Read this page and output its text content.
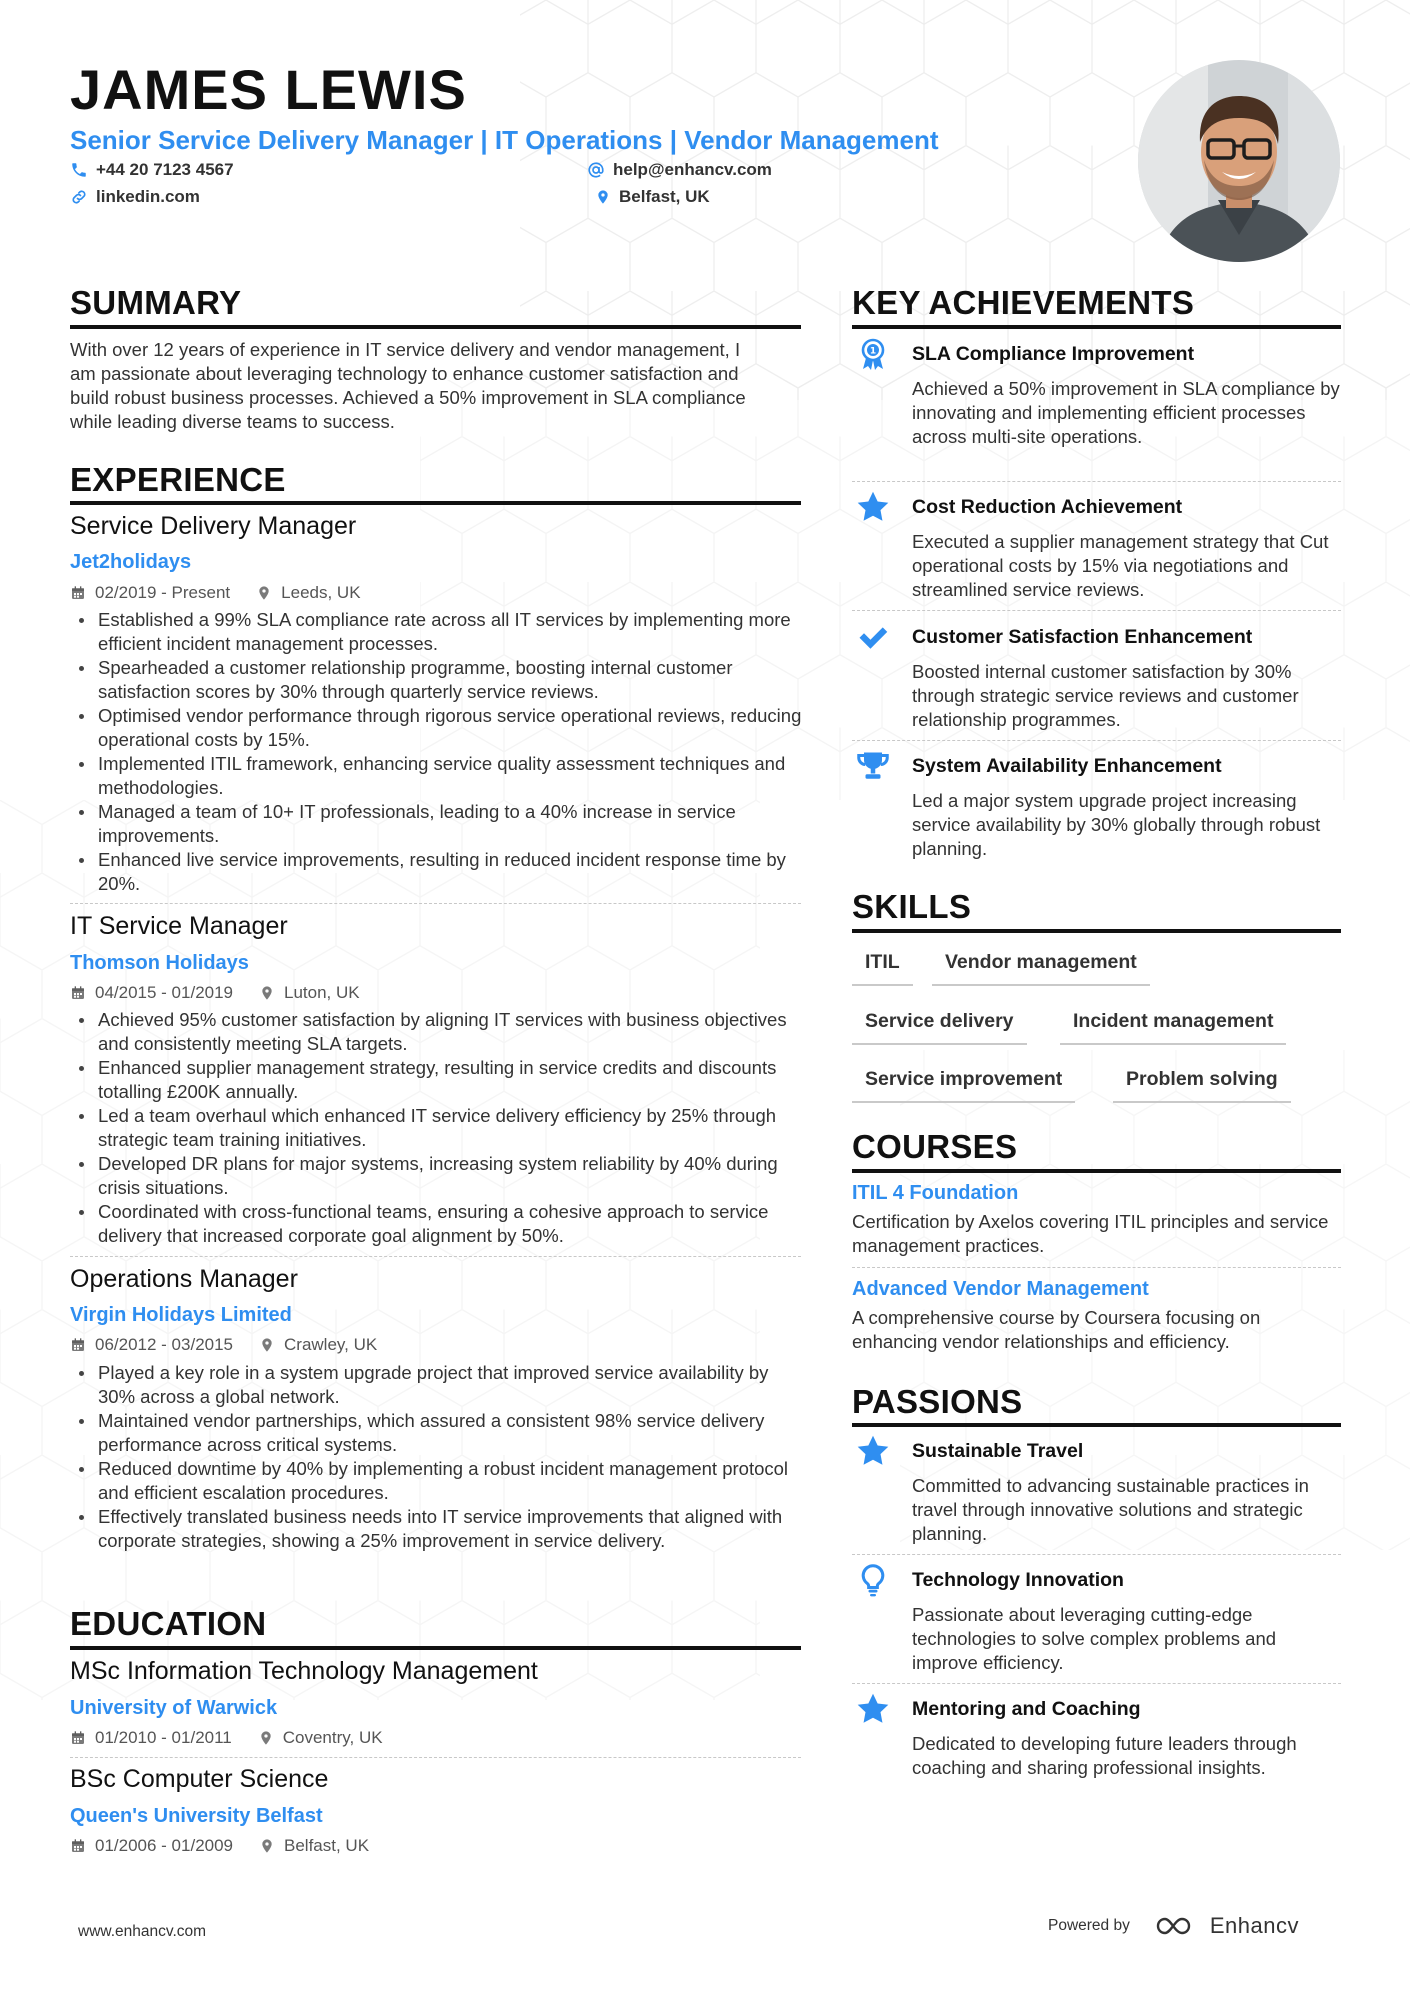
JAMES LEWIS
Senior Service Delivery Manager | IT Operations | Vendor Management
+44 20 7123 4567	help@enhancv.com
linkedin.com	Belfast, UK
SUMMARY
With over 12 years of experience in IT service delivery and vendor management, I am passionate about leveraging technology to enhance customer satisfaction and build robust business processes. Achieved a 50% improvement in SLA compliance while leading diverse teams to success.
EXPERIENCE
Service Delivery Manager
Jet2holidays
02/2019 - Present	Leeds, UK
Established a 99% SLA compliance rate across all IT services by implementing more efficient incident management processes.
Spearheaded a customer relationship programme, boosting internal customer satisfaction scores by 30% through quarterly service reviews.
Optimised vendor performance through rigorous service operational reviews, reducing operational costs by 15%.
Implemented ITIL framework, enhancing service quality assessment techniques and methodologies.
Managed a team of 10+ IT professionals, leading to a 40% increase in service improvements.
Enhanced live service improvements, resulting in reduced incident response time by 20%.
IT Service Manager
Thomson Holidays
04/2015 - 01/2019	Luton, UK
Achieved 95% customer satisfaction by aligning IT services with business objectives and consistently meeting SLA targets.
Enhanced supplier management strategy, resulting in service credits and discounts totalling £200K annually.
Led a team overhaul which enhanced IT service delivery efficiency by 25% through strategic team training initiatives.
Developed DR plans for major systems, increasing system reliability by 40% during crisis situations.
Coordinated with cross-functional teams, ensuring a cohesive approach to service delivery that increased corporate goal alignment by 50%.
Operations Manager
Virgin Holidays Limited
06/2012 - 03/2015	Crawley, UK
Played a key role in a system upgrade project that improved service availability by 30% across a global network.
Maintained vendor partnerships, which assured a consistent 98% service delivery performance across critical systems.
Reduced downtime by 40% by implementing a robust incident management protocol and efficient escalation procedures.
Effectively translated business needs into IT service improvements that aligned with corporate strategies, showing a 25% improvement in service delivery.
EDUCATION
MSc Information Technology Management
University of Warwick
01/2010 - 01/2011	Coventry, UK
BSc Computer Science
Queen's University Belfast
01/2006 - 01/2009	Belfast, UK
KEY ACHIEVEMENTS
1 SLA Compliance Improvement
Achieved a 50% improvement in SLA compliance by innovating and implementing efficient processes across multi-site operations.
Cost Reduction Achievement
Executed a supplier management strategy that Cut operational costs by 15% via negotiations and streamlined service reviews.
Customer Satisfaction Enhancement
Boosted internal customer satisfaction by 30% through strategic service reviews and customer relationship programmes.
System Availability Enhancement
Led a major system upgrade project increasing service availability by 30% globally through robust planning.
SKILLS
ITIL	Vendor management
Service delivery	Incident management
Service improvement	Problem solving
COURSES
ITIL 4 Foundation
Certification by Axelos covering ITIL principles and service management practices.
Advanced Vendor Management
A comprehensive course by Coursera focusing on enhancing vendor relationships and efficiency.
PASSIONS
Sustainable Travel
Committed to advancing sustainable practices in travel through innovative solutions and strategic planning.
Technology Innovation
Passionate about leveraging cutting-edge technologies to solve complex problems and improve efficiency.
Mentoring and Coaching
Dedicated to developing future leaders through coaching and sharing professional insights.
www.enhancv.com	Powered by	Enhancv
